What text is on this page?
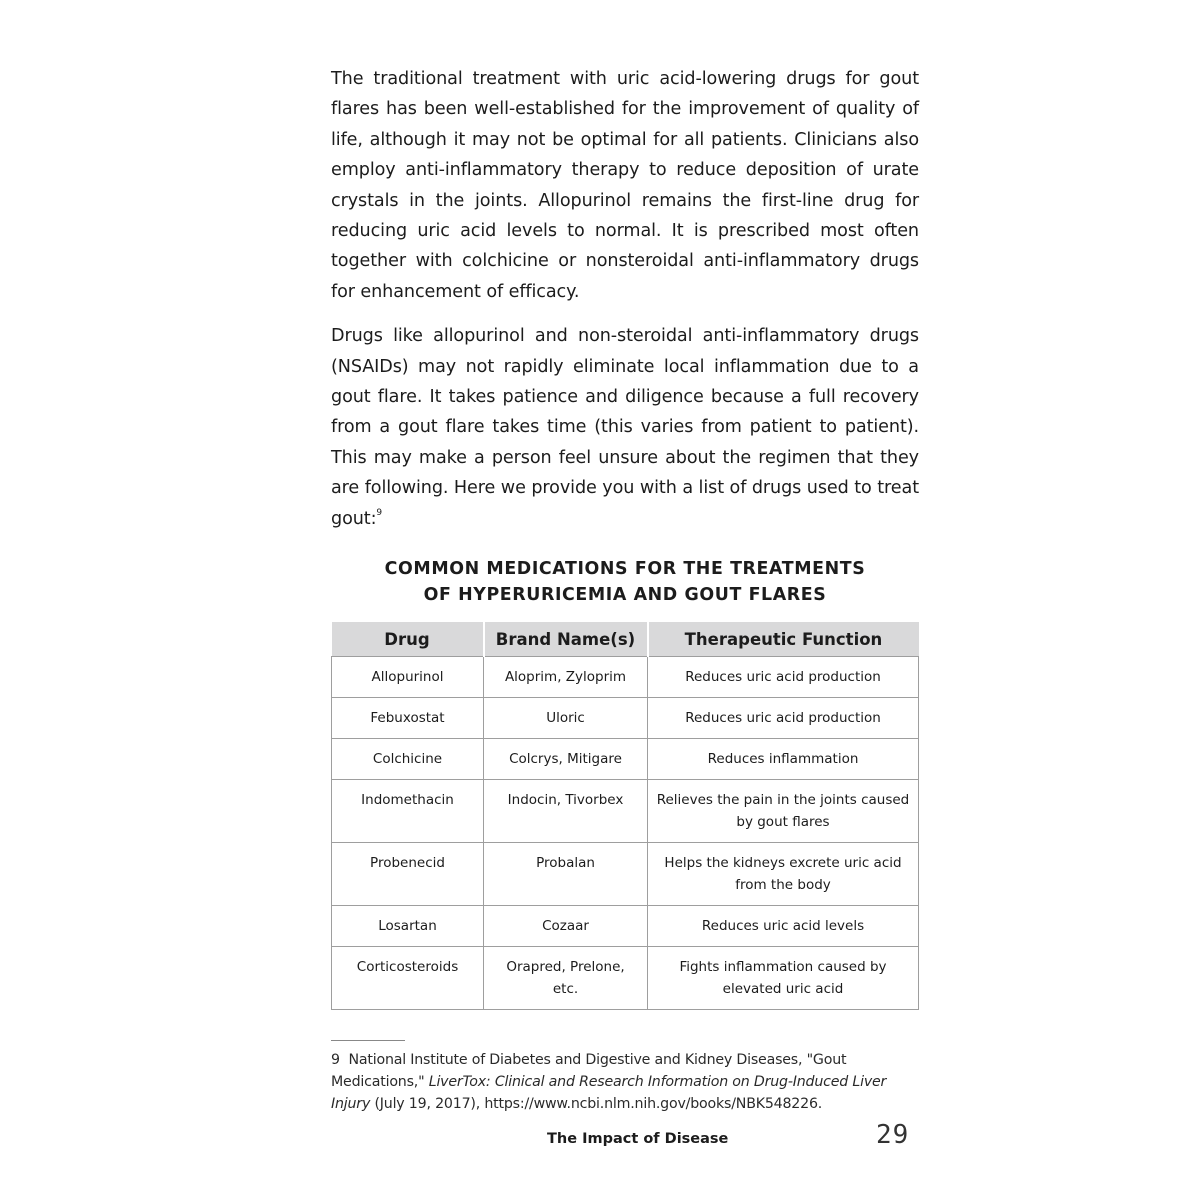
The traditional treatment with uric acid-lowering drugs for gout flares has been well-established for the improvement of quality of life, although it may not be optimal for all patients. Clinicians also employ anti-inflammatory therapy to reduce deposition of urate crystals in the joints. Allopurinol remains the first-line drug for reducing uric acid levels to normal. It is prescribed most often together with colchicine or nonsteroidal anti-inflammatory drugs for enhancement of efficacy.

Drugs like allopurinol and non-steroidal anti-inflammatory drugs (NSAIDs) may not rapidly eliminate local inflammation due to a gout flare. It takes patience and diligence because a full recovery from a gout flare takes time (this varies from patient to patient). This may make a person feel unsure about the regimen that they are following. Here we provide you with a list of drugs used to treat gout:$^9$

COMMON MEDICATIONS FOR THE TREATMENTS
OF HYPERURICEMIA AND GOUT FLARES
Drug	Brand Name(s)	Therapeutic Function
Allopurinol	Aloprim, Zyloprim	Reduces uric acid production
Febuxostat	Uloric	Reduces uric acid production
Colchicine	Colcrys, Mitigare	Reduces inflammation
Indomethacin	Indocin, Tivorbex	Relieves the pain in the joints caused by gout flares
Probenecid	Probalan	Helps the kidneys excrete uric acid from the body
Losartan	Cozaar	Reduces uric acid levels
Corticosteroids	Orapred, Prelone, etc.	Fights inflammation caused by elevated uric acid

9 National Institute of Diabetes and Digestive and Kidney Diseases, "Gout Medications," LiverTox: Clinical and Research Information on Drug-Induced Liver Injury (July 19, 2017), https://www.ncbi.nlm.nih.gov/books/NBK548226.

The Impact of Disease	29
